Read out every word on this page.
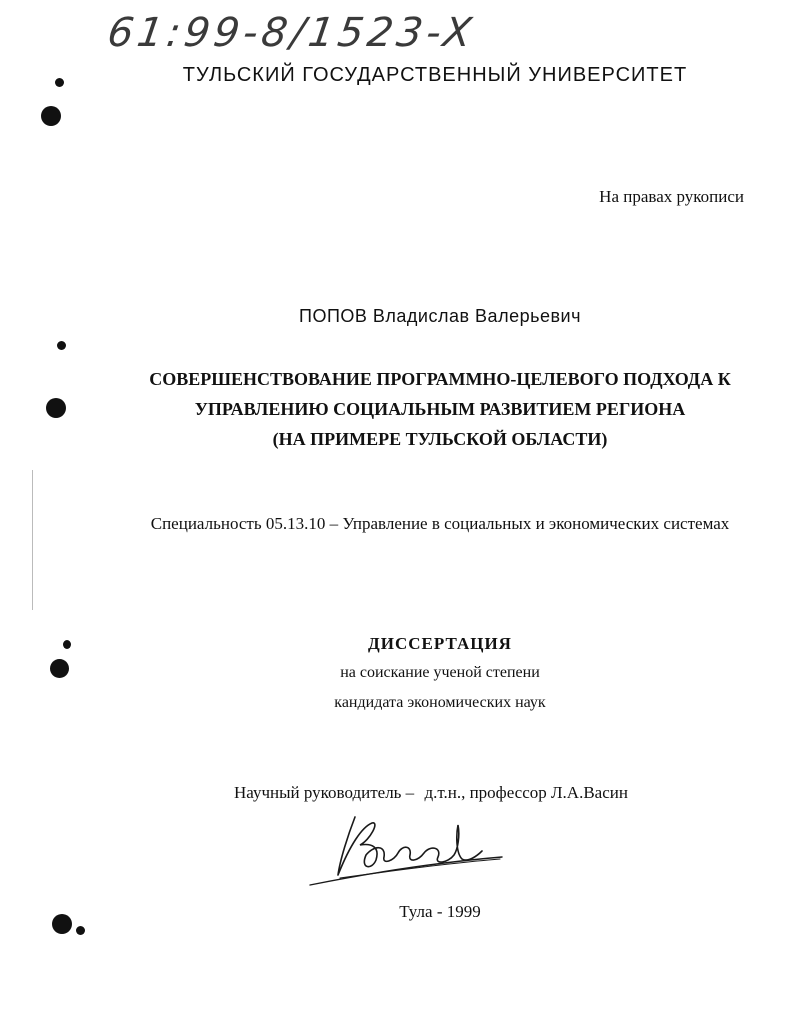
61:99-8/1523-X
ТУЛЬСКИЙ ГОСУДАРСТВЕННЫЙ УНИВЕРСИТЕТ
На правах рукописи
ПОПОВ Владислав Валерьевич
СОВЕРШЕНСТВОВАНИЕ ПРОГРАММНО-ЦЕЛЕВОГО ПОДХОДА К
УПРАВЛЕНИЮ СОЦИАЛЬНЫМ РАЗВИТИЕМ РЕГИОНА
(НА ПРИМЕРЕ ТУЛЬСКОЙ ОБЛАСТИ)
Специальность 05.13.10 – Управление в социальных и экономических системах
ДИССЕРТАЦИЯ
на соискание ученой степени
кандидата экономических наук
Научный руководитель – д.т.н., профессор Л.А.Васин
Тула - 1999
